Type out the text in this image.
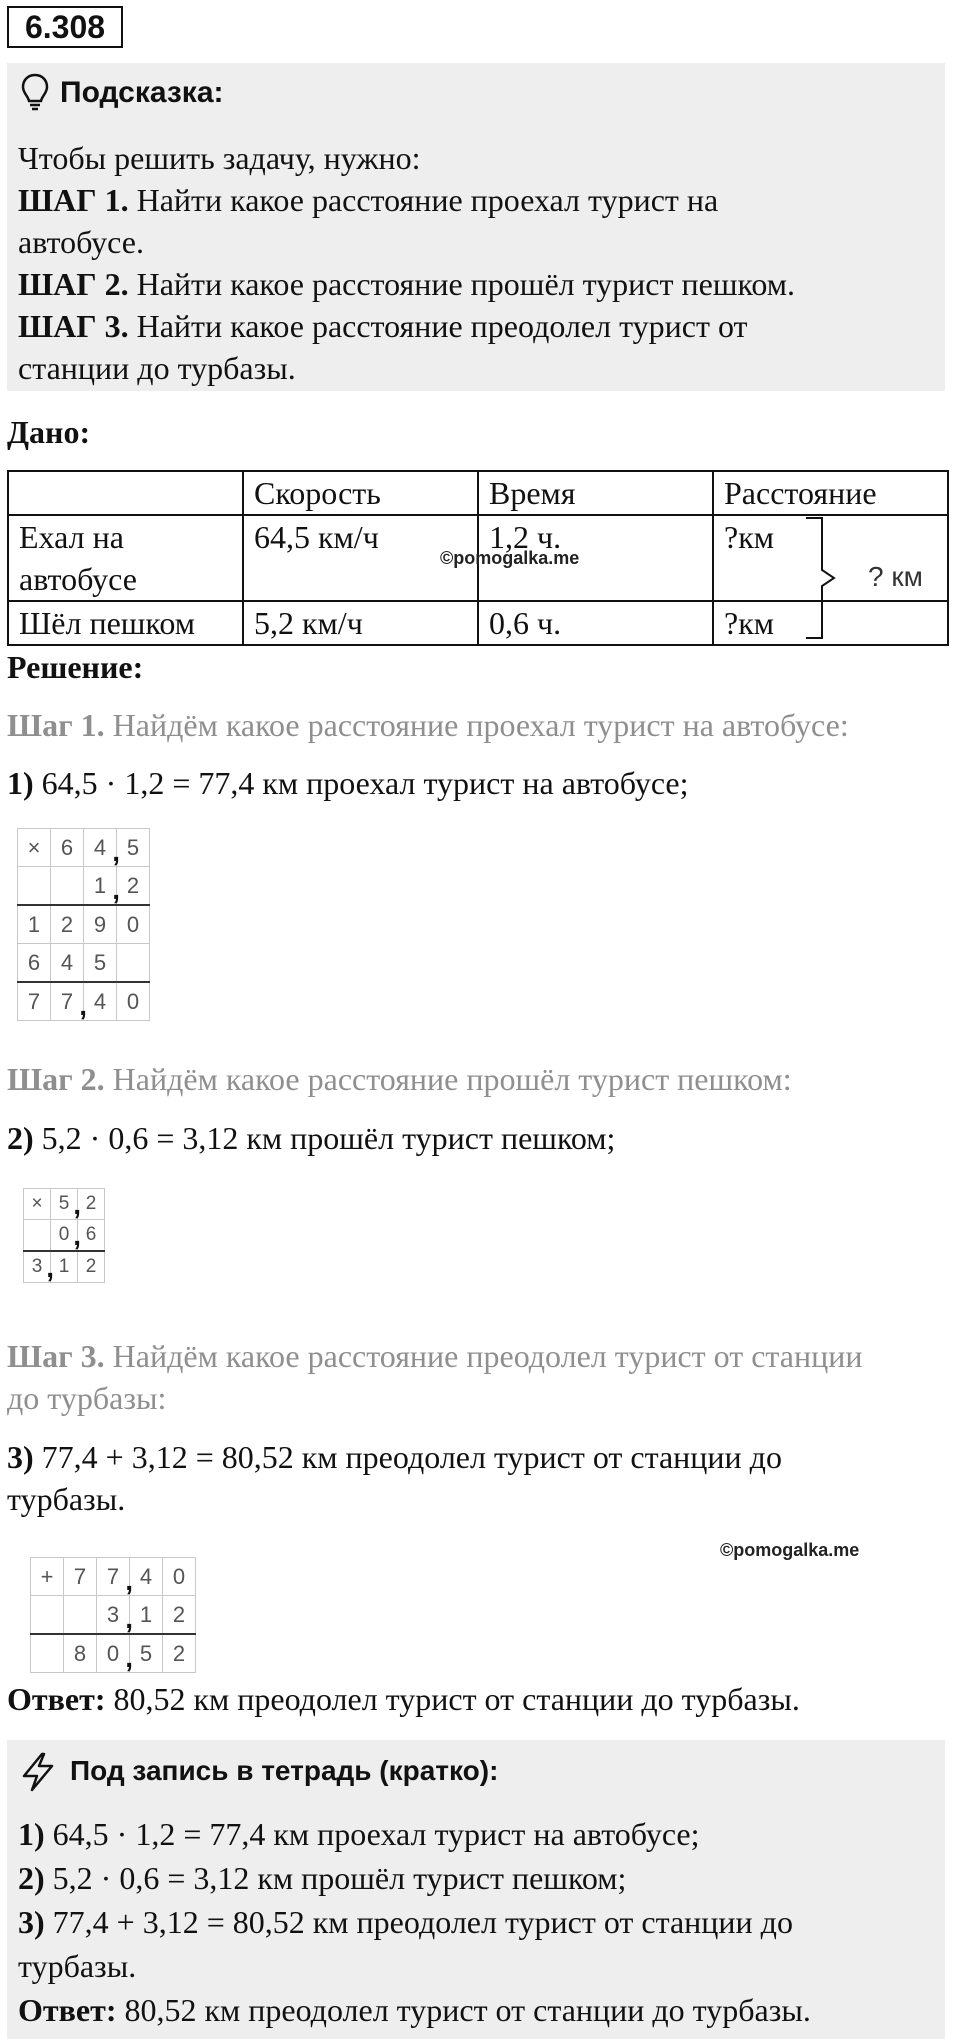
6.308
Подсказка:
Чтобы решить задачу, нужно:
ШАГ 1. Найти какое расстояние проехал турист на
автобусе.
ШАГ 2. Найти какое расстояние прошёл турист пешком.
ШАГ 3. Найти какое расстояние преодолел турист от
станции до турбазы.
Дано:
	Скорость	Время	Расстояние

Ехал на
автобусе	64,5 км/ч	1,2 ч.	?км
Шёл пешком	5,2 км/ч	0,6 ч.	?км
? км
©pomogalka.me
Решение:
Шаг 1. Найдём какое расстояние проехал турист на автобусе:
1) 64,5 · 1,2 = 77,4 км проехал турист на автобусе;
×	6	4 ,	5
		1 ,	2
1	2	9	0
6	4	5	
7	7 ,	4	0
Шаг 2. Найдём какое расстояние прошёл турист пешком:
2) 5,2 · 0,6 = 3,12 км прошёл турист пешком;
×	5 ,	2
	0 ,	6
3 ,	1	2
Шаг 3. Найдём какое расстояние преодолел турист от станции
до турбазы:
3) 77,4 + 3,12 = 80,52 км преодолел турист от станции до
турбазы.
©pomogalka.me
+	7	7 ,	4	0
		3 ,	1	2
	8	0 ,	5	2
Ответ: 80,52 км преодолел турист от станции до турбазы.
Под запись в тетрадь (кратко):
1) 64,5 · 1,2 = 77,4 км проехал турист на автобусе;
2) 5,2 · 0,6 = 3,12 км прошёл турист пешком;
3) 77,4 + 3,12 = 80,52 км преодолел турист от станции до
турбазы.
Ответ: 80,52 км преодолел турист от станции до турбазы.
